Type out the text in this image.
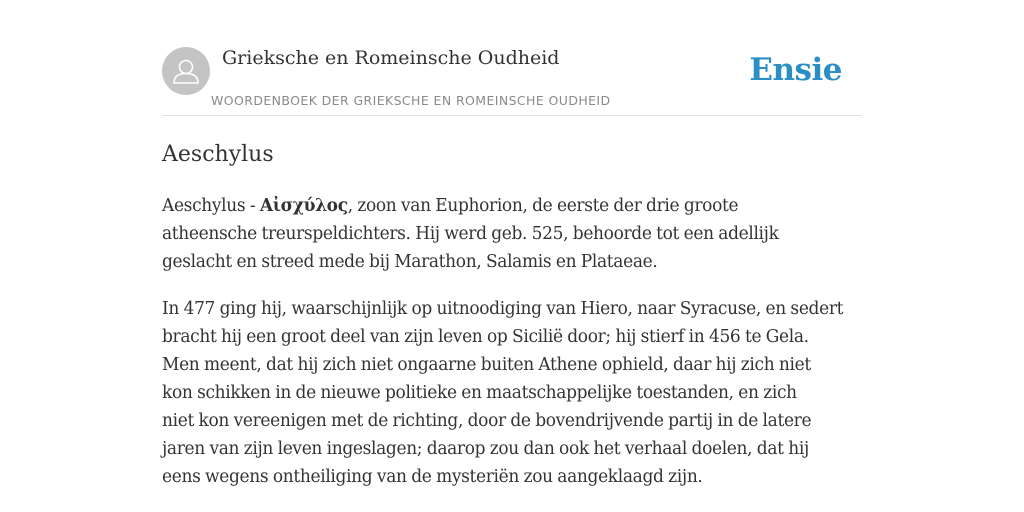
Grieksche en Romeinsche Oudheid
WOORDENBOEK DER GRIEKSCHE EN ROMEINSCHE OUDHEID
Ensie
Aeschylus

Aeschylus - Αἰσχύλος, zoon van Euphorion, de eerste der drie groote
atheensche treurspeldichters. Hij werd geb. 525, behoorde tot een adellijk
geslacht en streed mede bij Marathon, Salamis en Plataeae.

In 477 ging hij, waarschijnlijk op uitnoodiging van Hiero, naar Syracuse, en sedert
bracht hij een groot deel van zijn leven op Sicilië door; hij stierf in 456 te Gela.
Men meent, dat hij zich niet ongaarne buiten Athene ophield, daar hij zich niet
kon schikken in de nieuwe politieke en maatschappelijke toestanden, en zich
niet kon vereenigen met de richting, door de bovendrijvende partij in de latere
jaren van zijn leven ingeslagen; daarop zou dan ook het verhaal doelen, dat hij
eens wegens ontheiliging van de mysteriën zou aangeklaagd zijn.
